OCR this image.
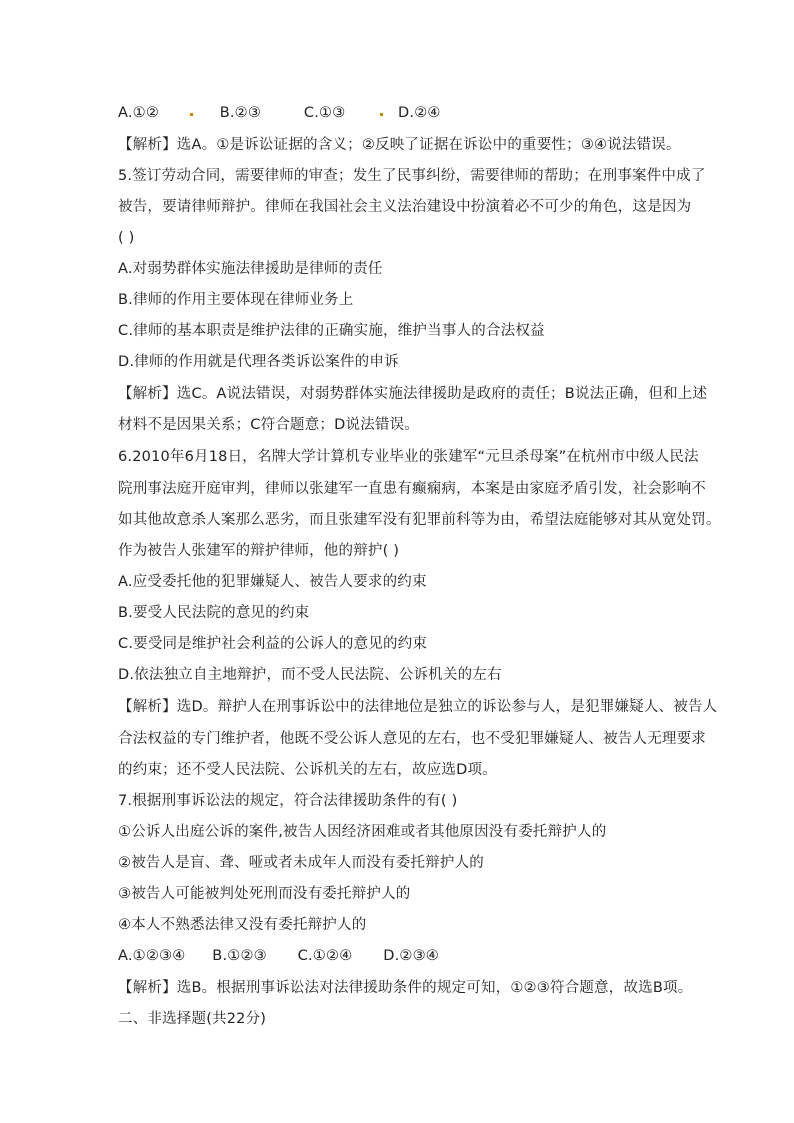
A.①②	B.②③	C.①③	D.②④
【解析】选A。①是诉讼证据的含义；②反映了证据在诉讼中的重要性；③④说法错误。
5.签订劳动合同，需要律师的审查；发生了民事纠纷，需要律师的帮助；在刑事案件中成了
被告，要请律师辩护。律师在我国社会主义法治建设中扮演着必不可少的角色，这是因为
( )
A.对弱势群体实施法律援助是律师的责任
B.律师的作用主要体现在律师业务上
C.律师的基本职责是维护法律的正确实施，维护当事人的合法权益
D.律师的作用就是代理各类诉讼案件的申诉
【解析】选C。A说法错误，对弱势群体实施法律援助是政府的责任；B说法正确，但和上述
材料不是因果关系；C符合题意；D说法错误。
6.2010年6月18日，名牌大学计算机专业毕业的张建军“元旦杀母案”在杭州市中级人民法
院刑事法庭开庭审判，律师以张建军一直患有癫痫病，本案是由家庭矛盾引发，社会影响不
如其他故意杀人案那么恶劣，而且张建军没有犯罪前科等为由，希望法庭能够对其从宽处罚。
作为被告人张建军的辩护律师，他的辩护( )
A.应受委托他的犯罪嫌疑人、被告人要求的约束
B.要受人民法院的意见的约束
C.要受同是维护社会利益的公诉人的意见的约束
D.依法独立自主地辩护，而不受人民法院、公诉机关的左右
【解析】选D。辩护人在刑事诉讼中的法律地位是独立的诉讼参与人，是犯罪嫌疑人、被告人
合法权益的专门维护者，他既不受公诉人意见的左右，也不受犯罪嫌疑人、被告人无理要求
的约束；还不受人民法院、公诉机关的左右，故应选D项。
7.根据刑事诉讼法的规定，符合法律援助条件的有( )
①公诉人出庭公诉的案件,被告人因经济困难或者其他原因没有委托辩护人的
②被告人是盲、聋、哑或者未成年人而没有委托辩护人的
③被告人可能被判处死刑而没有委托辩护人的
④本人不熟悉法律又没有委托辩护人的
A.①②③④ B.①②③ C.①②④ D.②③④
【解析】选B。根据刑事诉讼法对法律援助条件的规定可知，①②③符合题意，故选B项。
二、非选择题(共22分)
